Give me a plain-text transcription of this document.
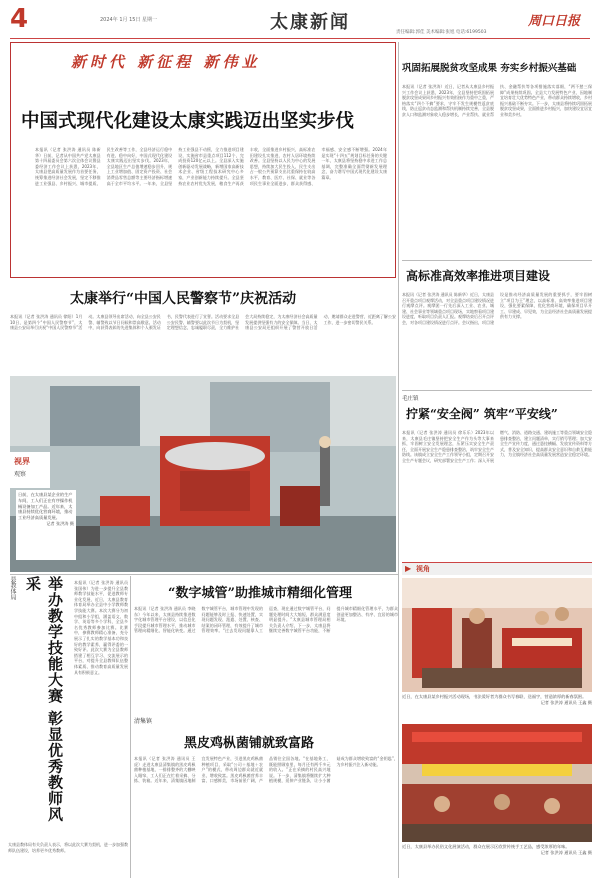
4	2024年 1月 15日 星期一	太康新闻	周口日报
责任编辑:郭佳 美术编辑:张旭 电话:6199503
新时代 新征程 新伟业
中国式现代化建设太康实践迈出坚实步伐
本报讯（记者 张洪涛 通讯员 陈新华）日前，记者从中国共产党太康县第十四届委员会第六次全体会议暨县委经济工作会议上获悉，2023年，太康县把高质量发展作为首要任务，统筹推进经济社会发展，坚定不移推进工业强县、乡村振兴、城市提质、民生改善等工作，全县经济运行稳中有进、稳中向好，中国式现代化建设太康实践迈出坚实步伐。2023年，全县地区生产总值增速稳步回升，规上工业增加值、固定资产投资、社会消费品零售总额等主要经济指标增速高于全市平均水平。一年来，全县坚持工业强县不动摇，全力推进项目建设，实施省市县重点项目112个，完成投资120亿元以上。全县深入实施创新驱动发展战略，新增国家高新技术企业、省级工程技术研究中心多家，产业创新能力持续提升。全县坚持农业农村优先发展，粮食生产再获丰收，全面推进乡村振兴，高标准农田建设扎实推进，农村人居环境持续改善。全县坚持以人民为中心的发展思想，持续加大民生投入，民生支出占一般公共预算支出比重保持在较高水平，教育、医疗、社保、就业等各项民生事业全面进步，群众获得感、幸福感、安全感不断增强。2024年是实现“十四五”规划目标任务的关键一年，太康县将坚持稳中求进工作总基调，完整准确全面贯彻新发展理念，奋力谱写中国式现代化建设太康篇章。
巩固拓展脱贫攻坚成果 夯实乡村振兴基础
本报讯（记者 张洪涛）近日，记者从太康县乡村振兴工作会议上获悉，2023年，全县坚持把巩固拓展脱贫攻坚成果同乡村振兴有效衔接作为重中之重，严格落实“四个不摘”要求，守牢不发生规模性返贫底线，防止返贫动态监测和帮扶机制持续完善，全县脱贫人口和监测对象收入稳步增长，产业帮扶、就业帮扶、金融帮扶等各项措施落实落细，“两不愁三保障”成果持续巩固。全县大力发展特色产业，因地制宜培育壮大优势特色产业，带动群众持续增收，乡村振兴基础不断夯实。下一步，太康县将持续巩固拓展脱贫攻坚成果，全面推进乡村振兴，加快建设宜居宜业和美乡村。
高标准高效率推进项目建设
本报讯（记者 张洪涛 通讯员 陈新华）近日，太康县召开重点项目观摩活动，对全县重点项目建设情况进行观摩点评。观摩团一行先后深入工业、农业、城建、社会事业等领域重点项目现场，实地察看项目建设进度，听取项目负责人汇报。观摩结束后召开点评会，对各项目建设情况进行点评。会议指出，项目建设是推动经济高质量发展的重要抓手，要牢固树立“项目为王”理念，以高标准、高效率推进项目建设，强化要素保障，优化营商环境，确保项目早开工、早建成、早见效，为全县经济社会高质量发展提供有力支撑。
毛庄镇
拧紧“安全阀” 筑牢“平安线”
本报讯（记者 张洪涛 通讯员 徐乐乐）2023年以来，太康县毛庄镇坚持把安全生产作为头等大事来抓，牢固树立安全发展理念，压紧压实安全生产责任，全面开展安全生产隐患排查整治，筑牢安全生产防线。该镇成立安全生产工作领导小组，定期召开安全生产专题会议，研究部署安全生产工作；深入开展燃气、消防、道路交通、建筑施工等重点领域安全隐患排查整治，建立问题清单，实行销号管理；加大安全生产宣传力度，通过悬挂横幅、发放宣传资料等方式，普及安全知识，提高群众安全意识和自救互救能力，为全镇经济社会高质量发展营造安全稳定环境。
太康举行“中国人民警察节”庆祝活动
本报讯（记者 张洪涛 通讯员 徐阳）1月10日，是第四个“中国人民警察节”，太康县公安局举行庆祝“中国人民警察节”活动。太康县领导出席活动，向全县公安民警、辅警致以节日问候和崇高敬意。活动中，向获得表彰的先进集体和个人颁发证书，民警代表进行了宣誓。活动要求全县公安民警、辅警要以此次节日为契机，坚定理想信念，忠诚履职尽责，全力维护社会大局持续稳定，为太康经济社会高质量发展提供坚强有力的安全保障。当日，太康县公安局还组织开展了警营开放日活动，邀请群众走进警营，近距离了解公安工作，进一步密切警民关系。
视界
观察
日前，在太康县某企业的生产车间，工人们正在有序操作机械设备加工产品。近年来，太康县持续优化营商环境，推动工业经济高质量发展。
记者 张洪涛 摄
县教体局	举办教学技能大赛 彰显优秀教师风采	本报讯（记者 张洪涛 通讯员 张国伟）为进一步提升全县教师教学技能水平，促进教师专业化发展，近日，太康县教育体育局举办全县中小学教师教学技能大赛。本次大赛分为初中组和小学组，涵盖语文、数学、英语等多个学科，全县多名优秀教师参加比赛。比赛中，参赛教师精心准备，充分展示了扎实的教学基本功和良好的教学素养，赢得评委的一致好评。此次大赛为全县教师搭建了相互学习、交流展示的平台，对提升全县教师队伍整体素质、推动教育高质量发展具有积极意义。
太康县教体局有关负责人表示，将以此次大赛为契机，进一步加强教师队伍建设，培养更多优秀教师。
“数字城管”助推城市精细化管理
本报讯（记者 张洪涛 通讯员 李晓东）今年以来，太康县持续推进数字化城市管理平台建设，以信息化手段提升城市管理水平，推动城市管理向精细化、智能化转变。通过数字城管平台，城市管理中发现的问题能够及时上报、快速处置，实现问题发现、派遣、处置、核查、结案的闭环管理，有效提升了城市管理效率。“过去发现问题靠人工巡查，现在通过数字城管平台，问题处理时间大大缩短，群众满意度明显提升。”太康县城市管理局相关负责人介绍，下一步，太康县将继续完善数字城管平台功能，不断提升城市精细化管理水平，为群众创造更加整洁、有序、宜居的城市环境。
清集镇
黑皮鸡枞菌铺就致富路
本报讯（记者 张洪涛 通讯员 王虎）走进太康县清集镇的黑皮鸡枞菌种植基地，一排排整齐的大棚映入眼帘，工人们正在忙着采摘、分拣、装箱。近年来，清集镇因地制宜发展特色产业，引进黑皮鸡枞菌种植项目，采取“公司＋基地＋农户”的模式，带动周边群众就近就业、增收致富。黑皮鸡枞菌营养丰富、口感鲜美，市场前景广阔，产品销往全国各地。“在基地务工，既能照顾家里，每月还有两千多元的收入。”正在采摘的村民高兴地说。下一步，清集镇将继续扩大种植规模，延伸产业链条，让小小菌菇成为群众增收致富的“金钥匙”，为乡村振兴注入新动能。
▶ 视角
近日，在太康县某乡村振兴活动现场，书法爱好者为群众书写春联、送福字，营造浓厚的新春氛围。
记者 张洪涛 通讯员 王鑫 摄
近日，太康县举办民俗文化展演活动，群众在展示区欣赏传统手工艺品，感受浓厚的年味。
记者 张洪涛 通讯员 王鑫 摄
